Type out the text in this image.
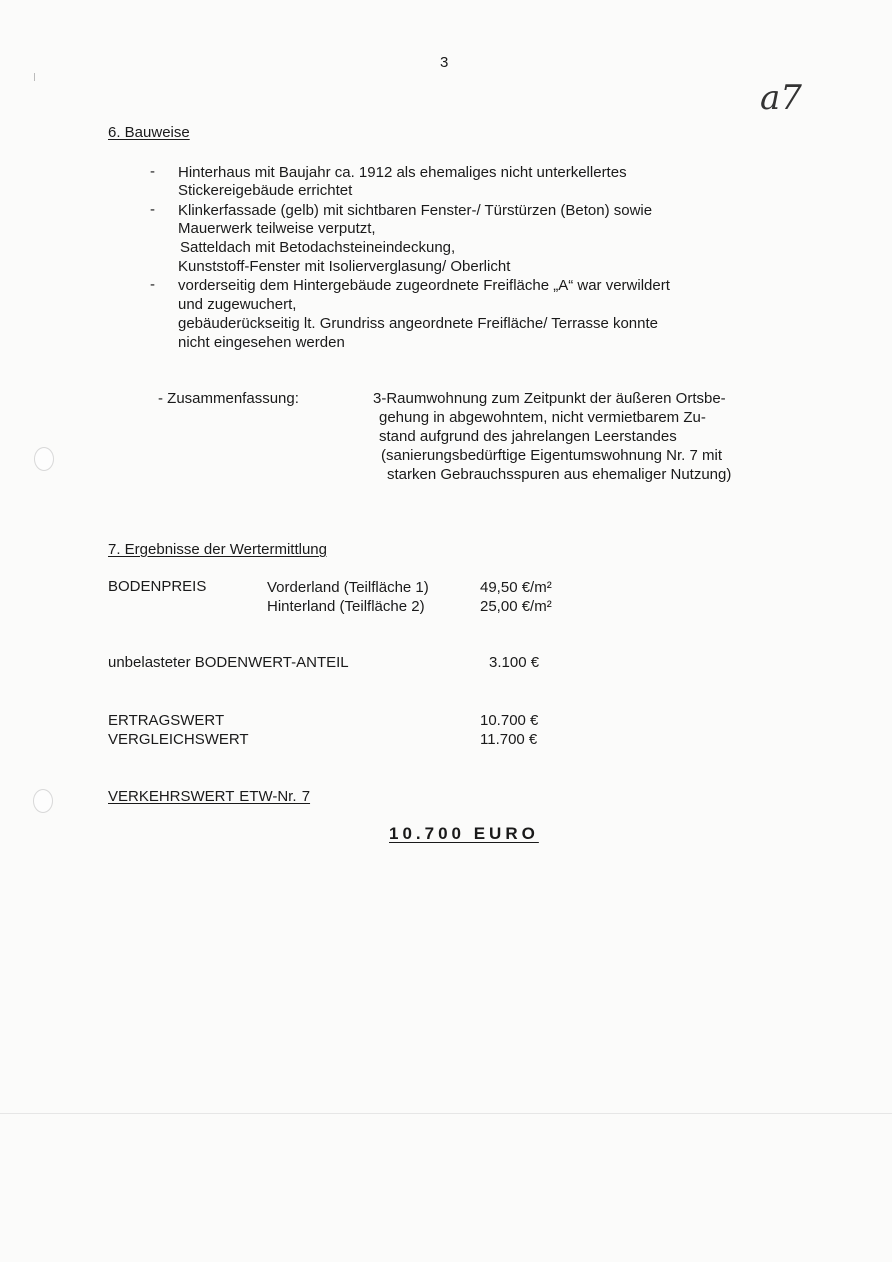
3
a7
6. Bauweise
- Hinterhaus mit Baujahr ca. 1912 als ehemaliges nicht unterkellertes
Stickereigebäude errichtet
- Klinkerfassade (gelb) mit sichtbaren Fenster-/ Türstürzen (Beton) sowie
Mauerwerk teilweise verputzt,
Satteldach mit Betodachsteineindeckung,
Kunststoff-Fenster mit Isolierverglasung/ Oberlicht
- vorderseitig dem Hintergebäude zugeordnete Freifläche „A“ war verwildert
und zugewuchert,
gebäuderückseitig lt. Grundriss angeordnete Freifläche/ Terrasse konnte
nicht eingesehen werden
- Zusammenfassung:	3-Raumwohnung zum Zeitpunkt der äußeren Ortsbe-
gehung in abgewohntem, nicht vermietbarem Zu-
stand aufgrund des jahrelangen Leerstandes
(sanierungsbedürftige Eigentumswohnung Nr. 7 mit
starken Gebrauchsspuren aus ehemaliger Nutzung)
7. Ergebnisse der Wertermittlung
BODENPREIS	Vorderland (Teilfläche 1)	49,50 €/m²
Hinterland (Teilfläche 2)	25,00 €/m²
unbelasteter BODENWERT-ANTEIL	3.100 €
ERTRAGSWERT	10.700 €
VERGLEICHSWERT	11.700 €
VERKEHRSWERT ETW-Nr. 7
10.700 EURO
